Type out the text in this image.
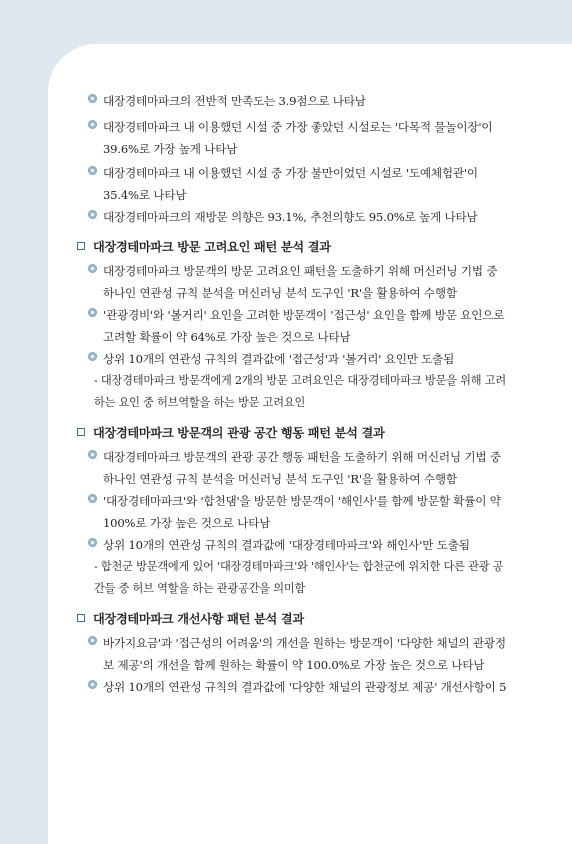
대장경테마파크의 전반적 만족도는 3.9점으로 나타남
대장경테마파크 내 이용했던 시설 중 가장 좋았던 시설로는 '다목적 물놀이장'이
39.6%로 가장 높게 나타남
대장경테마파크 내 이용했던 시설 중 가장 불만이었던 시설로 '도예체험관'이
35.4%로 나타남
대장경테마파크의 재방문 의향은 93.1%, 추천의향도 95.0%로 높게 나타남
대장경테마파크 방문 고려요인 패턴 분석 결과
대장경테마파크 방문객의 방문 고려요인 패턴을 도출하기 위해 머신러닝 기법 중
하나인 연관성 규칙 분석을 머신러닝 분석 도구인 'R'을 활용하여 수행함
'관광경비'와 '볼거리' 요인을 고려한 방문객이 '접근성' 요인을 함께 방문 요인으로
고려할 확률이 약 64%로 가장 높은 것으로 나타남
상위 10개의 연관성 규칙의 결과값에 '접근성'과 '볼거리' 요인만 도출됨
- 대장경테마파크 방문객에게 2개의 방문 고려요인은 대장경테마파크 방문을 위해 고려
하는 요인 중 허브역할을 하는 방문 고려요인
대장경테마파크 방문객의 관광 공간 행동 패턴 분석 결과
대장경테마파크 방문객의 관광 공간 행동 패턴을 도출하기 위해 머신러닝 기법 중
하나인 연관성 규칙 분석을 머신러닝 분석 도구인 'R'을 활용하여 수행함
'대장경테마파크'와 '합천댐'을 방문한 방문객이 '해인사'를 함께 방문할 확률이 약
100%로 가장 높은 것으로 나타남
상위 10개의 연관성 규칙의 결과값에 '대장경테마파크'와 해인사'만 도출됨
- 합천군 방문객에게 있어 '대장경테마파크'와 '해인사'는 합천군에 위치한 다른 관광 공
간들 중 허브 역할을 하는 관광공간을 의미함
대장경테마파크 개선사항 패턴 분석 결과
바가지요금'과 '접근성의 어려움'의 개선을 원하는 방문객이 '다양한 채널의 관광정
보 제공'의 개선을 함께 원하는 확률이 약 100.0%로 가장 높은 것으로 나타남
상위 10개의 연관성 규칙의 결과값에 '다양한 채널의 관광정보 제공' 개선사항이 5
